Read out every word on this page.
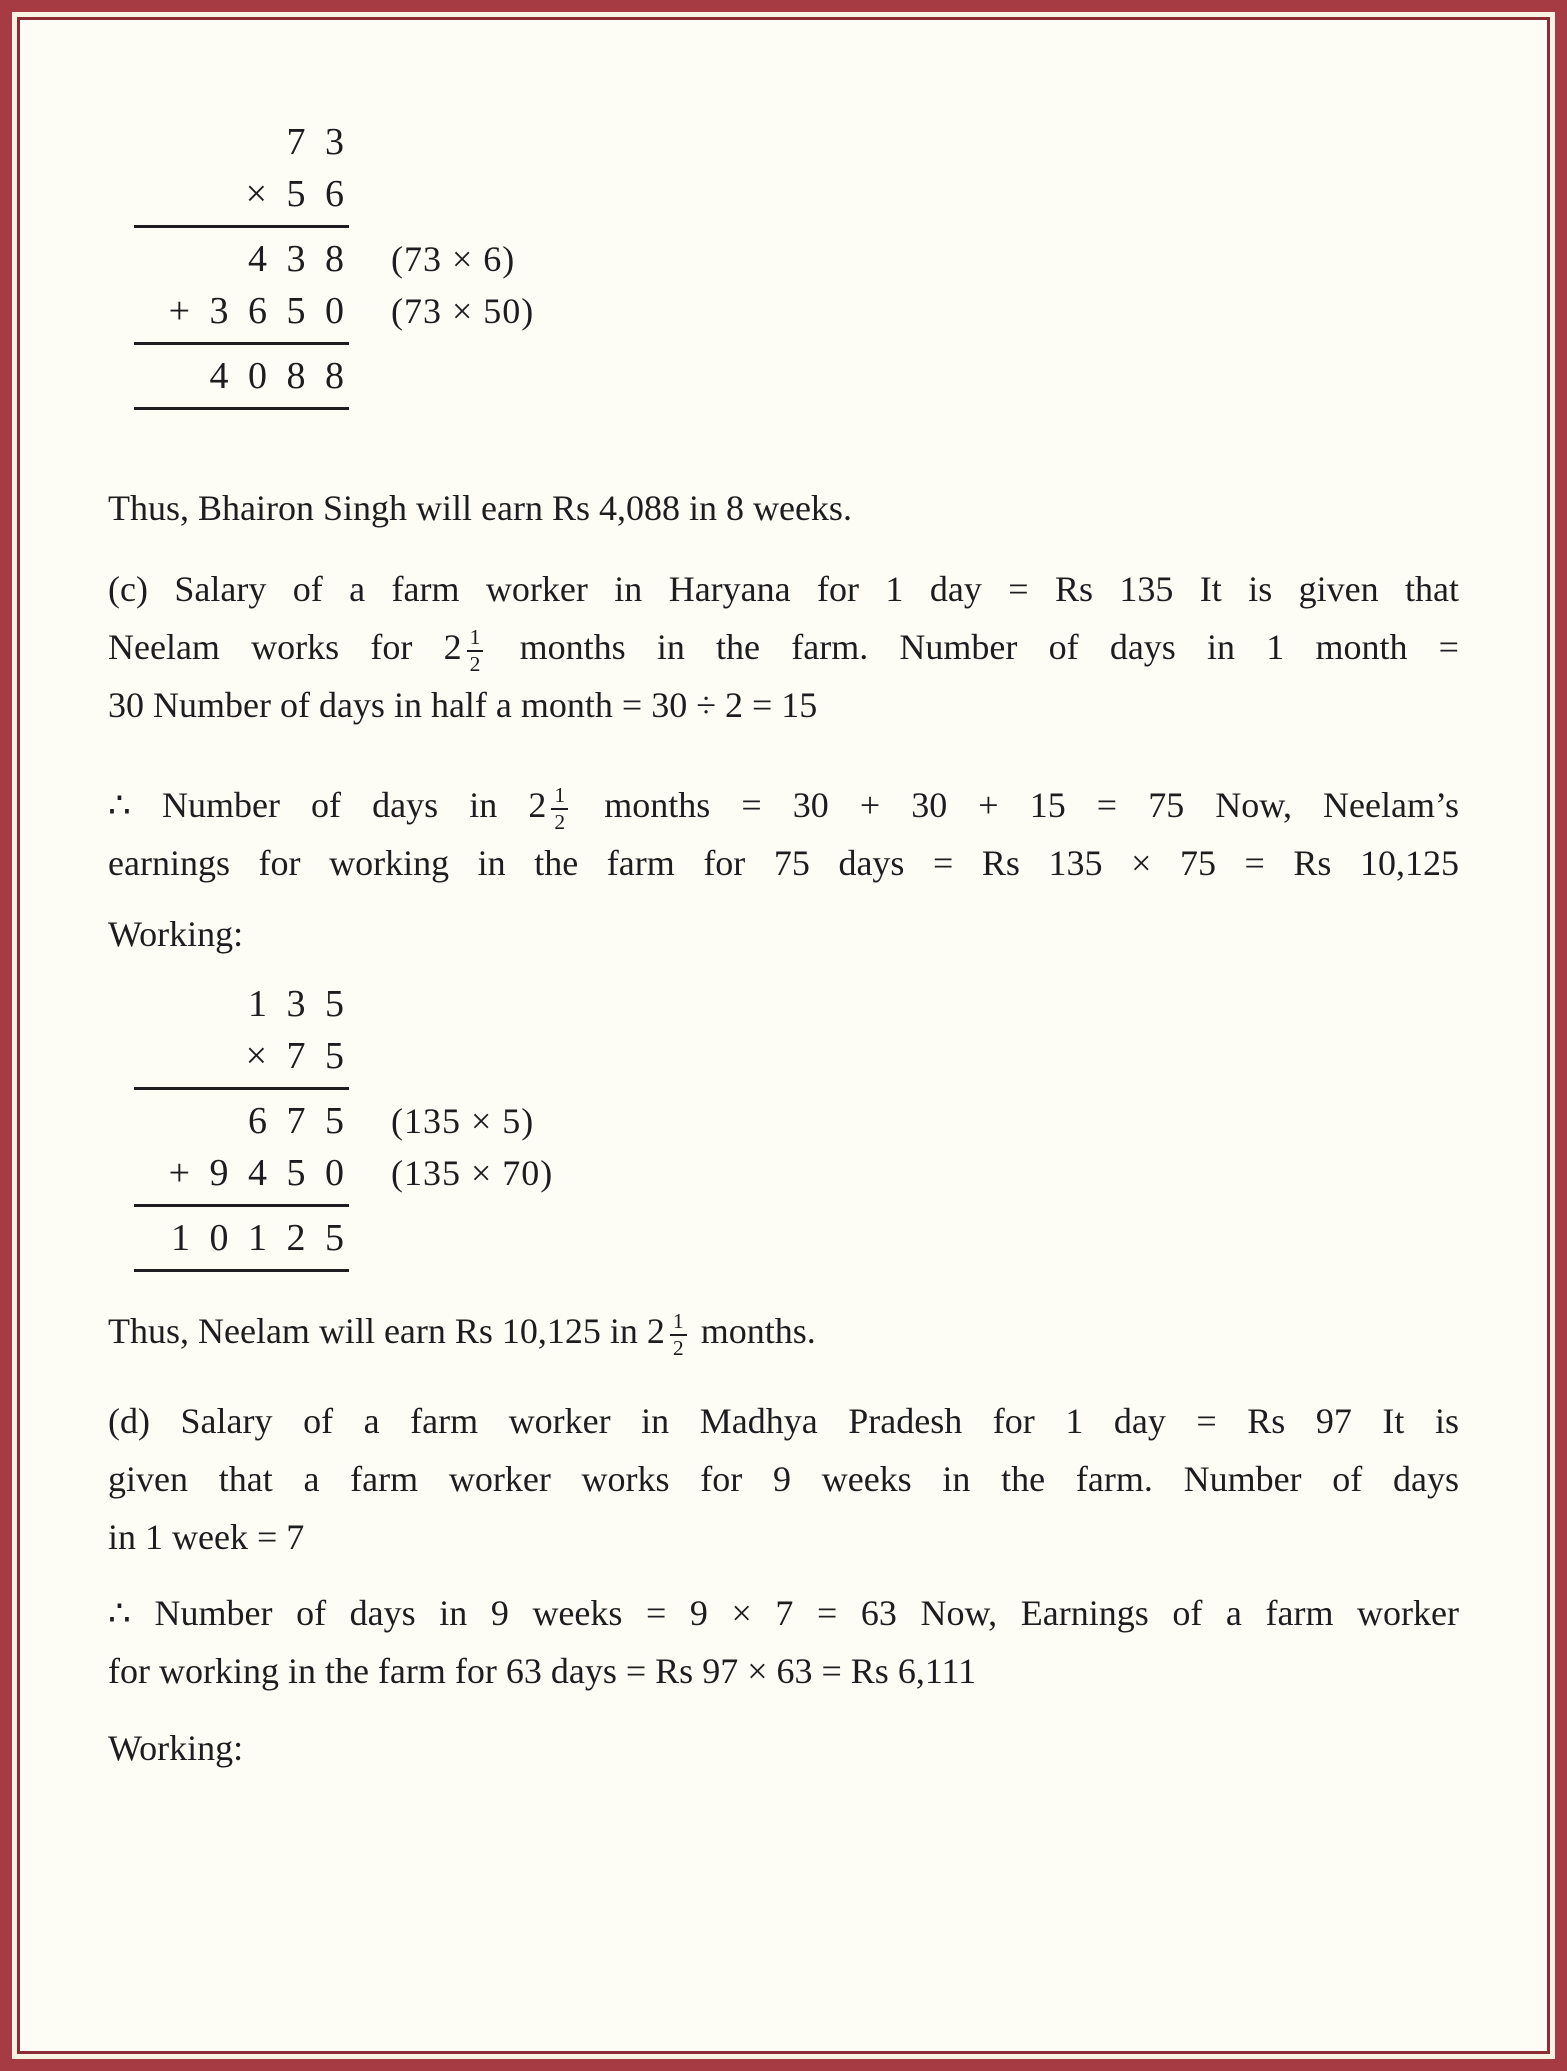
7 3
× 5 6
4 3 8 (73 × 6)
+ 3 6 5 0 (73 × 50)
4 0 8 8

Thus, Bhairon Singh will earn Rs 4,088 in 8 weeks.

(c) Salary of a farm worker in Haryana for 1 day = Rs 135 It is given that
Neelam works for $2 \frac{1}{2}$ months in the farm. Number of days in 1 month =
30 Number of days in half a month = 30 ÷ 2 = 15
∴ Number of days in $2 \frac{1}{2}$ months = 30 + 30 + 15 = 75 Now, Neelam’s
earnings for working in the farm for 75 days = Rs 135 × 75 = Rs 10,125

Working:

1 3 5
× 7 5
6 7 5 (135 × 5)
+ 9 4 5 0 (135 × 70)
1 0 1 2 5
Thus, Neelam will earn Rs 10,125 in $2 \frac{1}{2}$ months.
(d) Salary of a farm worker in Madhya Pradesh for 1 day = Rs 97 It is
given that a farm worker works for 9 weeks in the farm. Number of days
in 1 week = 7
∴ Number of days in 9 weeks = 9 × 7 = 63 Now, Earnings of a farm worker
for working in the farm for 63 days = Rs 97 × 63 = Rs 6,111

Working:
